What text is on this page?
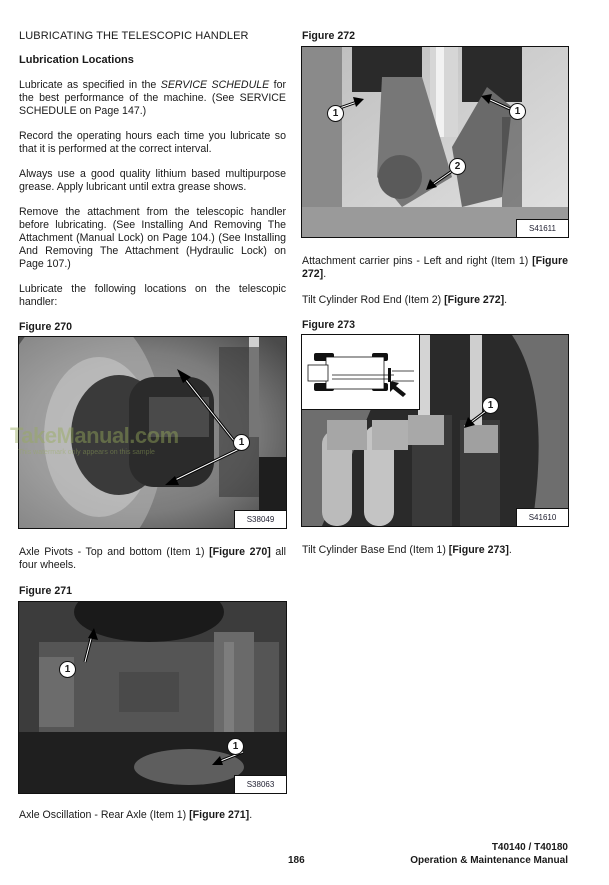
LUBRICATING THE TELESCOPIC HANDLER
Lubrication Locations
Lubricate as specified in the SERVICE SCHEDULE for the best performance of the machine. (See SERVICE SCHEDULE on Page 147.)
Record the operating hours each time you lubricate so that it is performed at the correct interval.
Always use a good quality lithium based multipurpose grease. Apply lubricant until extra grease shows.
Remove the attachment from the telescopic handler before lubricating. (See Installing And Removing The Attachment (Manual Lock) on Page 104.) (See Installing And Removing The Attachment (Hydraulic Lock) on Page 107.)
Lubricate the following locations on the telescopic handler:
Figure 270
1
S38049
TakeManual.com
This watermark only appears on this sample
Axle Pivots - Top and bottom (Item 1) [Figure 270] all four wheels.
Figure 271
1
1
S38063
Axle Oscillation - Rear Axle (Item 1) [Figure 271].
Figure 272
1	1
2
S41611
Attachment carrier pins - Left and right (Item 1) [Figure 272].
Tilt Cylinder Rod End (Item 2) [Figure 272].
Figure 273
1
S41610
Tilt Cylinder Base End (Item 1) [Figure 273].
186
T40140 / T40180
Operation & Maintenance Manual
